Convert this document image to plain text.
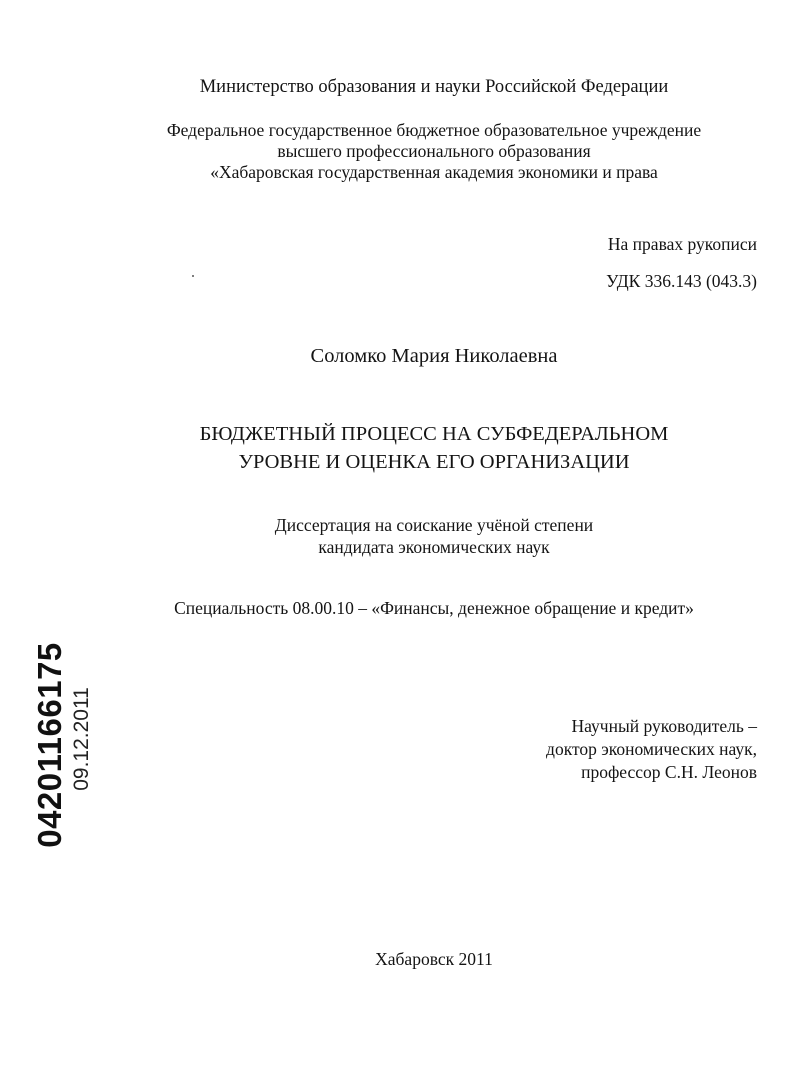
Министерство образования и науки Российской Федерации
Федеральное государственное бюджетное образовательное учреждение
высшего профессионального образования
«Хабаровская государственная академия экономики и права
На правах рукописи
УДК 336.143 (043.3)
Соломко Мария Николаевна
БЮДЖЕТНЫЙ ПРОЦЕСС НА СУБФЕДЕРАЛЬНОМ
УРОВНЕ И ОЦЕНКА ЕГО ОРГАНИЗАЦИИ
Диссертация на соискание учёной степени
кандидата экономических наук
Специальность 08.00.10 – «Финансы, денежное обращение и кредит»
04201166175 09.12.2011	Научный руководитель –
доктор экономических наук,
профессор С.Н. Леонов
Хабаровск 2011
